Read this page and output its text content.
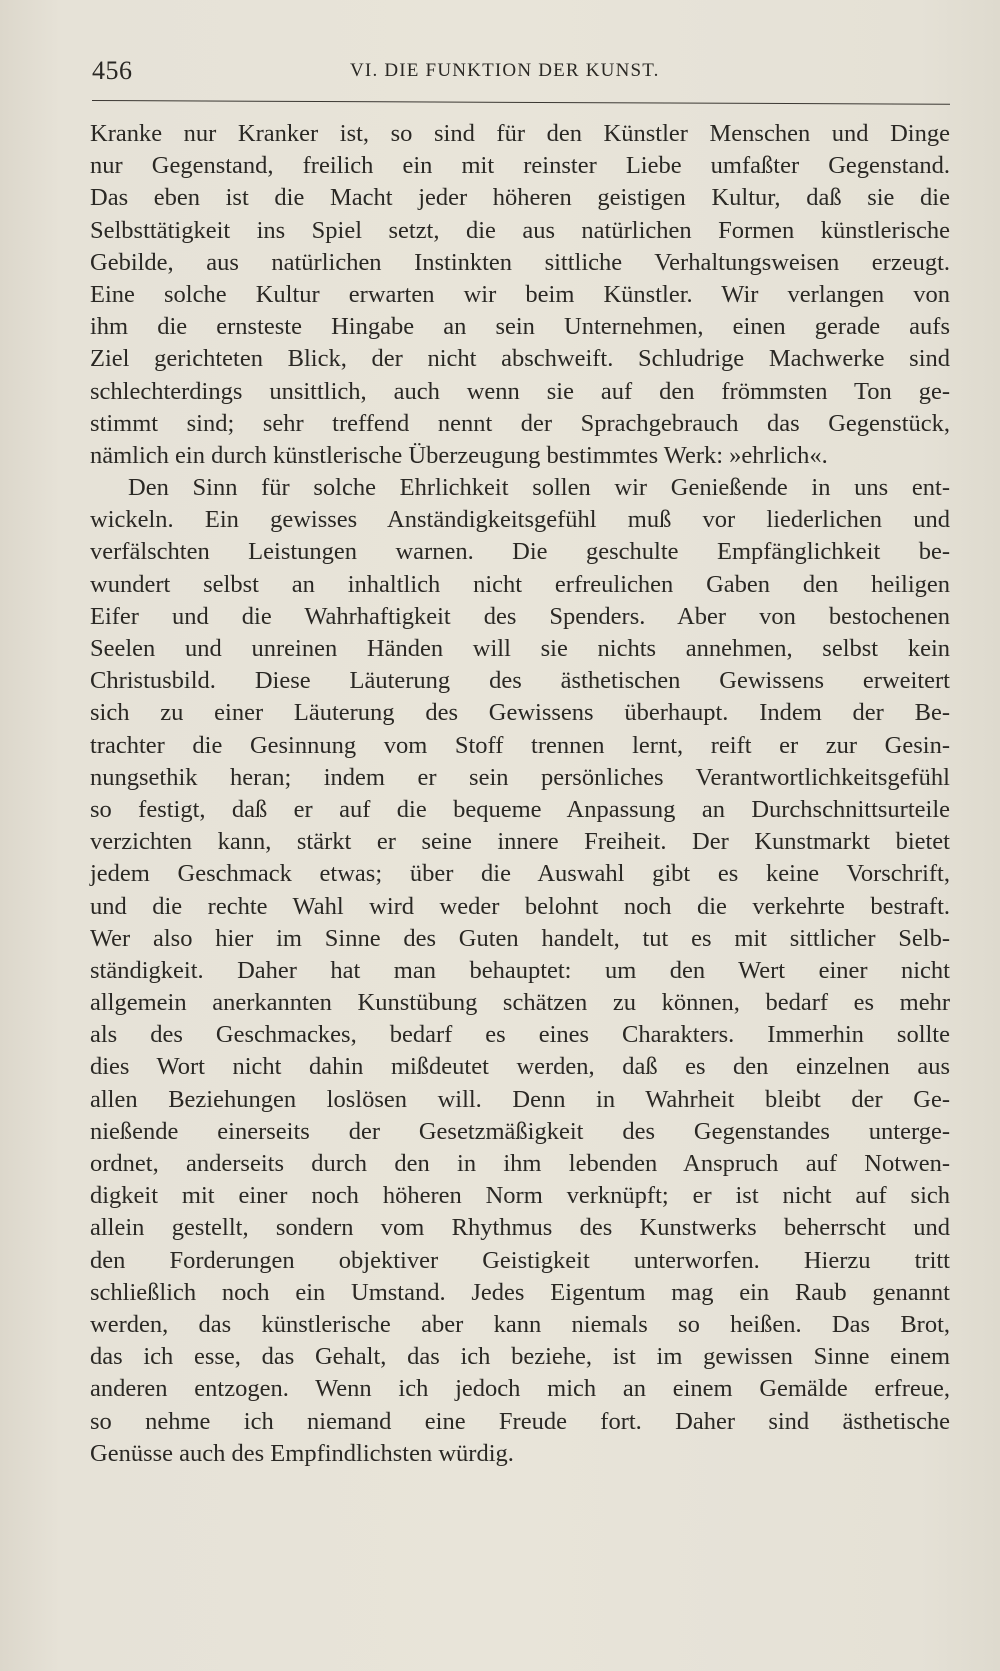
456	VI. DIE FUNKTION DER KUNST.
Kranke nur Kranker ist, so sind für den Künstler Menschen und Dinge
nur Gegenstand, freilich ein mit reinster Liebe umfaßter Gegenstand.
Das eben ist die Macht jeder höheren geistigen Kultur, daß sie die
Selbsttätigkeit ins Spiel setzt, die aus natürlichen Formen künstlerische
Gebilde, aus natürlichen Instinkten sittliche Verhaltungsweisen erzeugt.
Eine solche Kultur erwarten wir beim Künstler. Wir verlangen von
ihm die ernsteste Hingabe an sein Unternehmen, einen gerade aufs
Ziel gerichteten Blick, der nicht abschweift. Schludrige Machwerke sind
schlechterdings unsittlich, auch wenn sie auf den frömmsten Ton ge-
stimmt sind; sehr treffend nennt der Sprachgebrauch das Gegenstück,
nämlich ein durch künstlerische Überzeugung bestimmtes Werk: »ehrlich«.
Den Sinn für solche Ehrlichkeit sollen wir Genießende in uns ent-
wickeln. Ein gewisses Anständigkeitsgefühl muß vor liederlichen und
verfälschten Leistungen warnen. Die geschulte Empfänglichkeit be-
wundert selbst an inhaltlich nicht erfreulichen Gaben den heiligen
Eifer und die Wahrhaftigkeit des Spenders. Aber von bestochenen
Seelen und unreinen Händen will sie nichts annehmen, selbst kein
Christusbild. Diese Läuterung des ästhetischen Gewissens erweitert
sich zu einer Läuterung des Gewissens überhaupt. Indem der Be-
trachter die Gesinnung vom Stoff trennen lernt, reift er zur Gesin-
nungsethik heran; indem er sein persönliches Verantwortlichkeitsgefühl
so festigt, daß er auf die bequeme Anpassung an Durchschnittsurteile
verzichten kann, stärkt er seine innere Freiheit. Der Kunstmarkt bietet
jedem Geschmack etwas; über die Auswahl gibt es keine Vorschrift,
und die rechte Wahl wird weder belohnt noch die verkehrte bestraft.
Wer also hier im Sinne des Guten handelt, tut es mit sittlicher Selb-
ständigkeit. Daher hat man behauptet: um den Wert einer nicht
allgemein anerkannten Kunstübung schätzen zu können, bedarf es mehr
als des Geschmackes, bedarf es eines Charakters. Immerhin sollte
dies Wort nicht dahin mißdeutet werden, daß es den einzelnen aus
allen Beziehungen loslösen will. Denn in Wahrheit bleibt der Ge-
nießende einerseits der Gesetzmäßigkeit des Gegenstandes unterge-
ordnet, anderseits durch den in ihm lebenden Anspruch auf Notwen-
digkeit mit einer noch höheren Norm verknüpft; er ist nicht auf sich
allein gestellt, sondern vom Rhythmus des Kunstwerks beherrscht und
den Forderungen objektiver Geistigkeit unterworfen. Hierzu tritt
schließlich noch ein Umstand. Jedes Eigentum mag ein Raub genannt
werden, das künstlerische aber kann niemals so heißen. Das Brot,
das ich esse, das Gehalt, das ich beziehe, ist im gewissen Sinne einem
anderen entzogen. Wenn ich jedoch mich an einem Gemälde erfreue,
so nehme ich niemand eine Freude fort. Daher sind ästhetische
Genüsse auch des Empfindlichsten würdig.
